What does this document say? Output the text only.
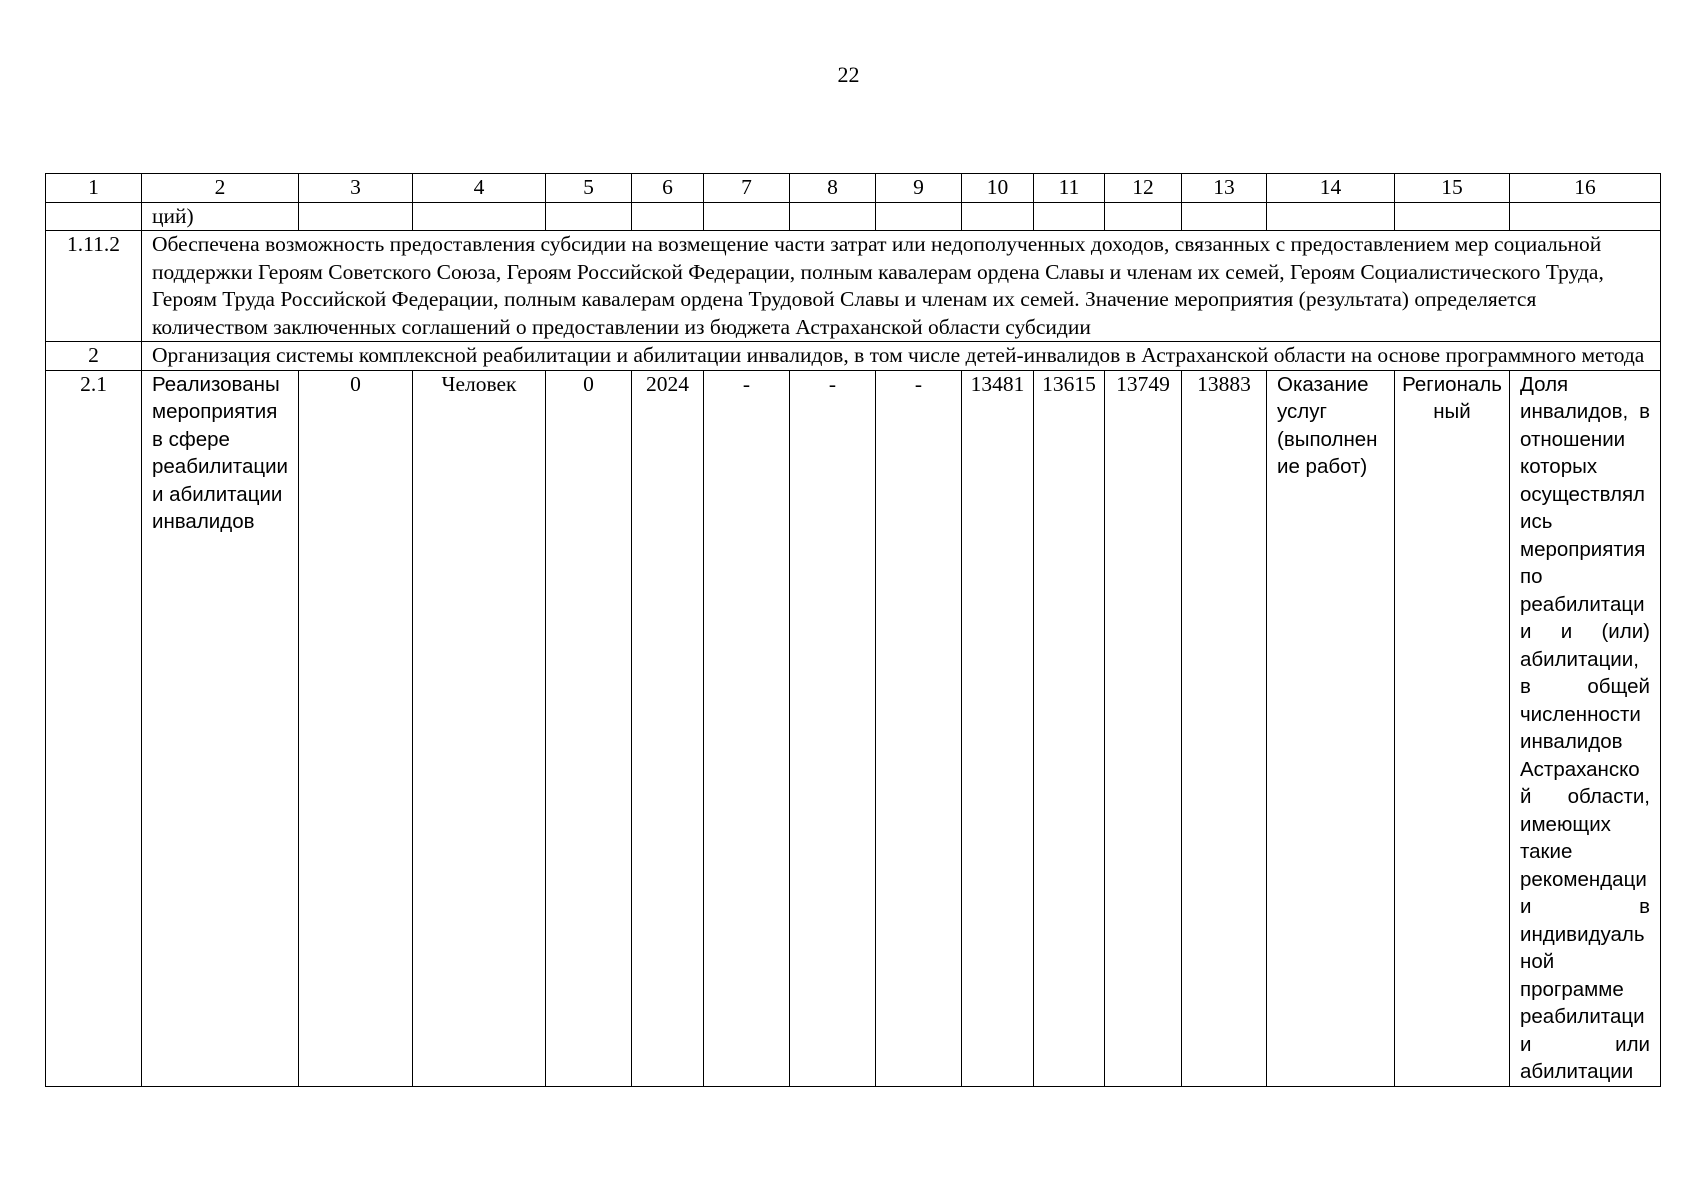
22
1	2	3	4	5	6	7	8	9	10	11	12	13	14	15	16
	ций)														
1.11.2	Обеспечена возможность предоставления субсидии на возмещение части затрат или недополученных доходов, связанных с предоставлением мер социальной поддержки Героям Советского Союза, Героям Российской Федерации, полным кавалерам ордена Славы и членам их семей, Героям Социалистического Труда, Героям Труда Российской Федерации, полным кавалерам ордена Трудовой Славы и членам их семей. Значение мероприятия (результата) определяется количеством заключенных соглашений о предоставлении из бюджета Астраханской области субсидии														
2	Организация системы комплексной реабилитации и абилитации инвалидов, в том числе детей-инвалидов в Астраханской области на основе программного метода														
2.1	Реализованы мероприятия в сфере реабилитации и абилитации инвалидов	0	Человек	0	2024	-	-	-	13481	13615	13749	13883	Оказание услуг (выполнение работ)	Региональный	Доля инвалидов, в отношении которых осуществлялись мероприятия по реабилитации и (или) абилитации, в общей численности инвалидов Астраханской области, имеющих такие рекомендации в индивидуальной программе реабилитации или абилитации
